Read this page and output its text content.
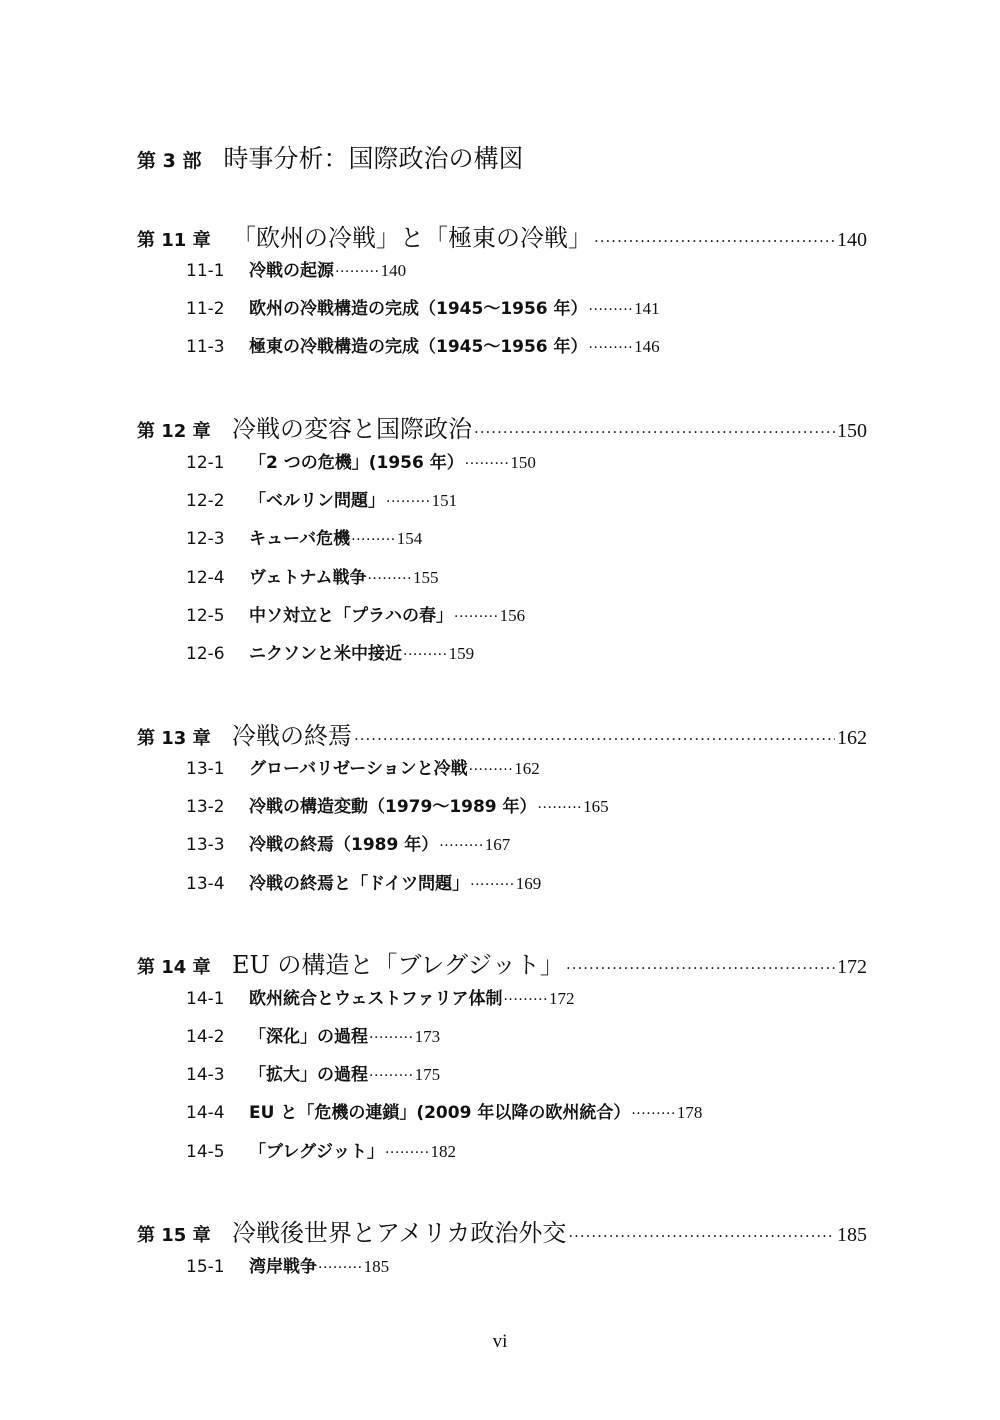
第 3 部 時事分析：国際政治の構図
第 11 章 「欧州の冷戦」と「極東の冷戦」 ·····	140
11-1	冷戦の起源 ·····	140
11-2	欧州の冷戦構造の完成（1945～1956 年） ·····	141
11-3	極東の冷戦構造の完成（1945～1956 年） ·····	146
第 12 章 冷戦の変容と国際政治 ·····	150
12-1	「2 つの危機」(1956 年） ·····	150
12-2	「ベルリン問題」 ·····	151
12-3	キューバ危機 ·····	154
12-4	ヴェトナム戦争 ·····	155
12-5	中ソ対立と「プラハの春」 ·····	156
12-6	ニクソンと米中接近 ·····	159
第 13 章 冷戦の終焉 ·····	162
13-1	グローバリゼーションと冷戦 ·····	162
13-2	冷戦の構造変動（1979～1989 年） ·····	165
13-3	冷戦の終焉（1989 年） ·····	167
13-4	冷戦の終焉と「ドイツ問題」 ·····	169
第 14 章 EU の構造と「ブレグジット」 ·····	172
14-1	欧州統合とウェストファリア体制 ·····	172
14-2	「深化」の過程 ·····	173
14-3	「拡大」の過程 ·····	175
14-4	EU と「危機の連鎖」(2009 年以降の欧州統合） ·····	178
14-5	「ブレグジット」 ·····	182
第 15 章 冷戦後世界とアメリカ政治外交 ·····	185
15-1	湾岸戦争 ·····	185
vi
